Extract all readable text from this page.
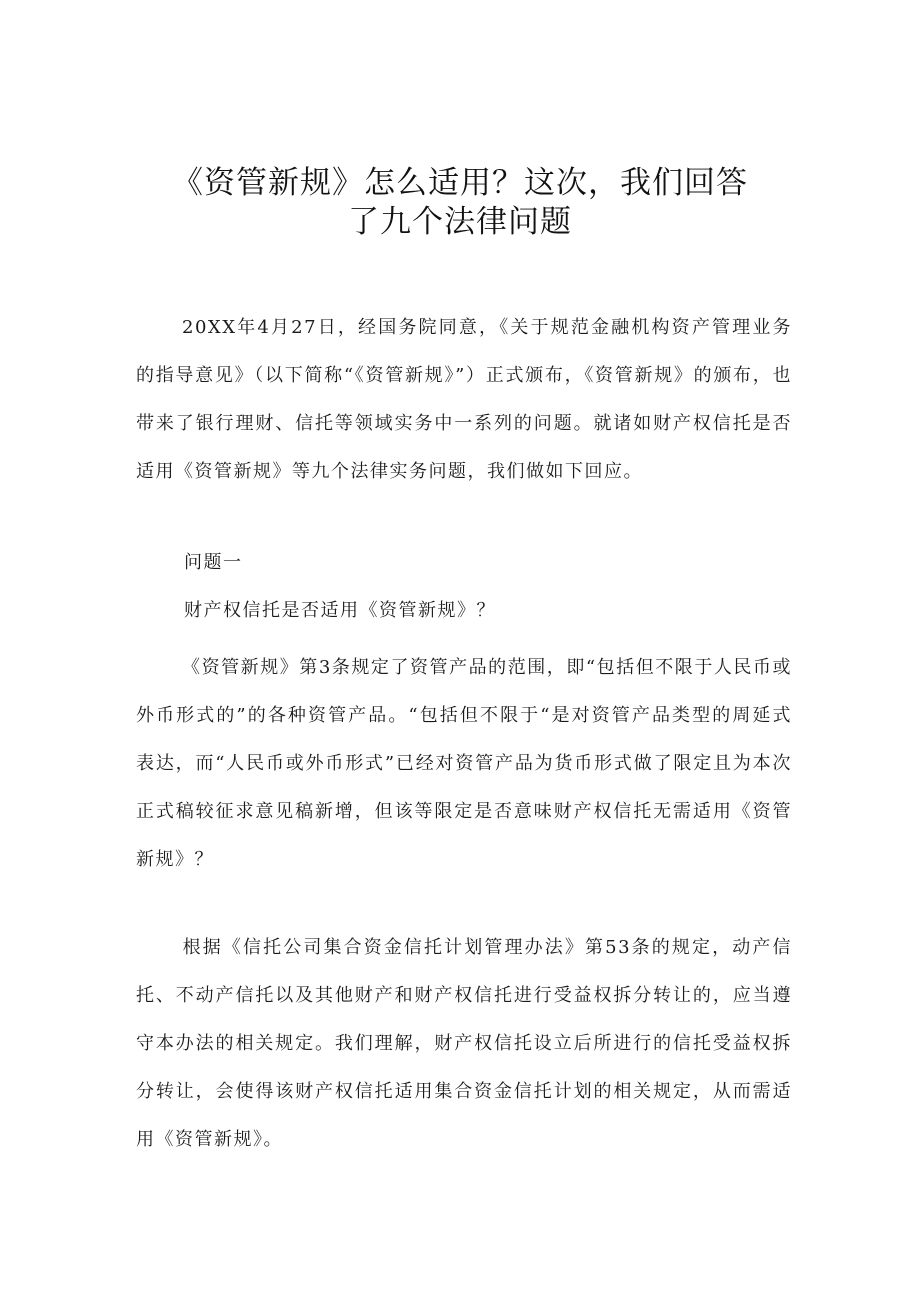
《资管新规》怎么适用？这次，我们回答
了九个法律问题

20XX年4月27日，经国务院同意，《关于规范金融机构资产管理业务的指导意见》（以下简称“《资管新规》”）正式颁布，《资管新规》的颁布，也带来了银行理财、信托等领域实务中一系列的问题。就诸如财产权信托是否适用《资管新规》等九个法律实务问题，我们做如下回应。

问题一

财产权信托是否适用《资管新规》？

《资管新规》第3条规定了资管产品的范围，即“包括但不限于人民币或外币形式的”的各种资管产品。“包括但不限于“是对资管产品类型的周延式表达，而“人民币或外币形式”已经对资管产品为货币形式做了限定且为本次正式稿较征求意见稿新增，但该等限定是否意味财产权信托无需适用《资管新规》？

根据《信托公司集合资金信托计划管理办法》第53条的规定，动产信托、不动产信托以及其他财产和财产权信托进行受益权拆分转让的，应当遵守本办法的相关规定。我们理解，财产权信托设立后所进行的信托受益权拆分转让，会使得该财产权信托适用集合资金信托计划的相关规定，从而需适用《资管新规》。
